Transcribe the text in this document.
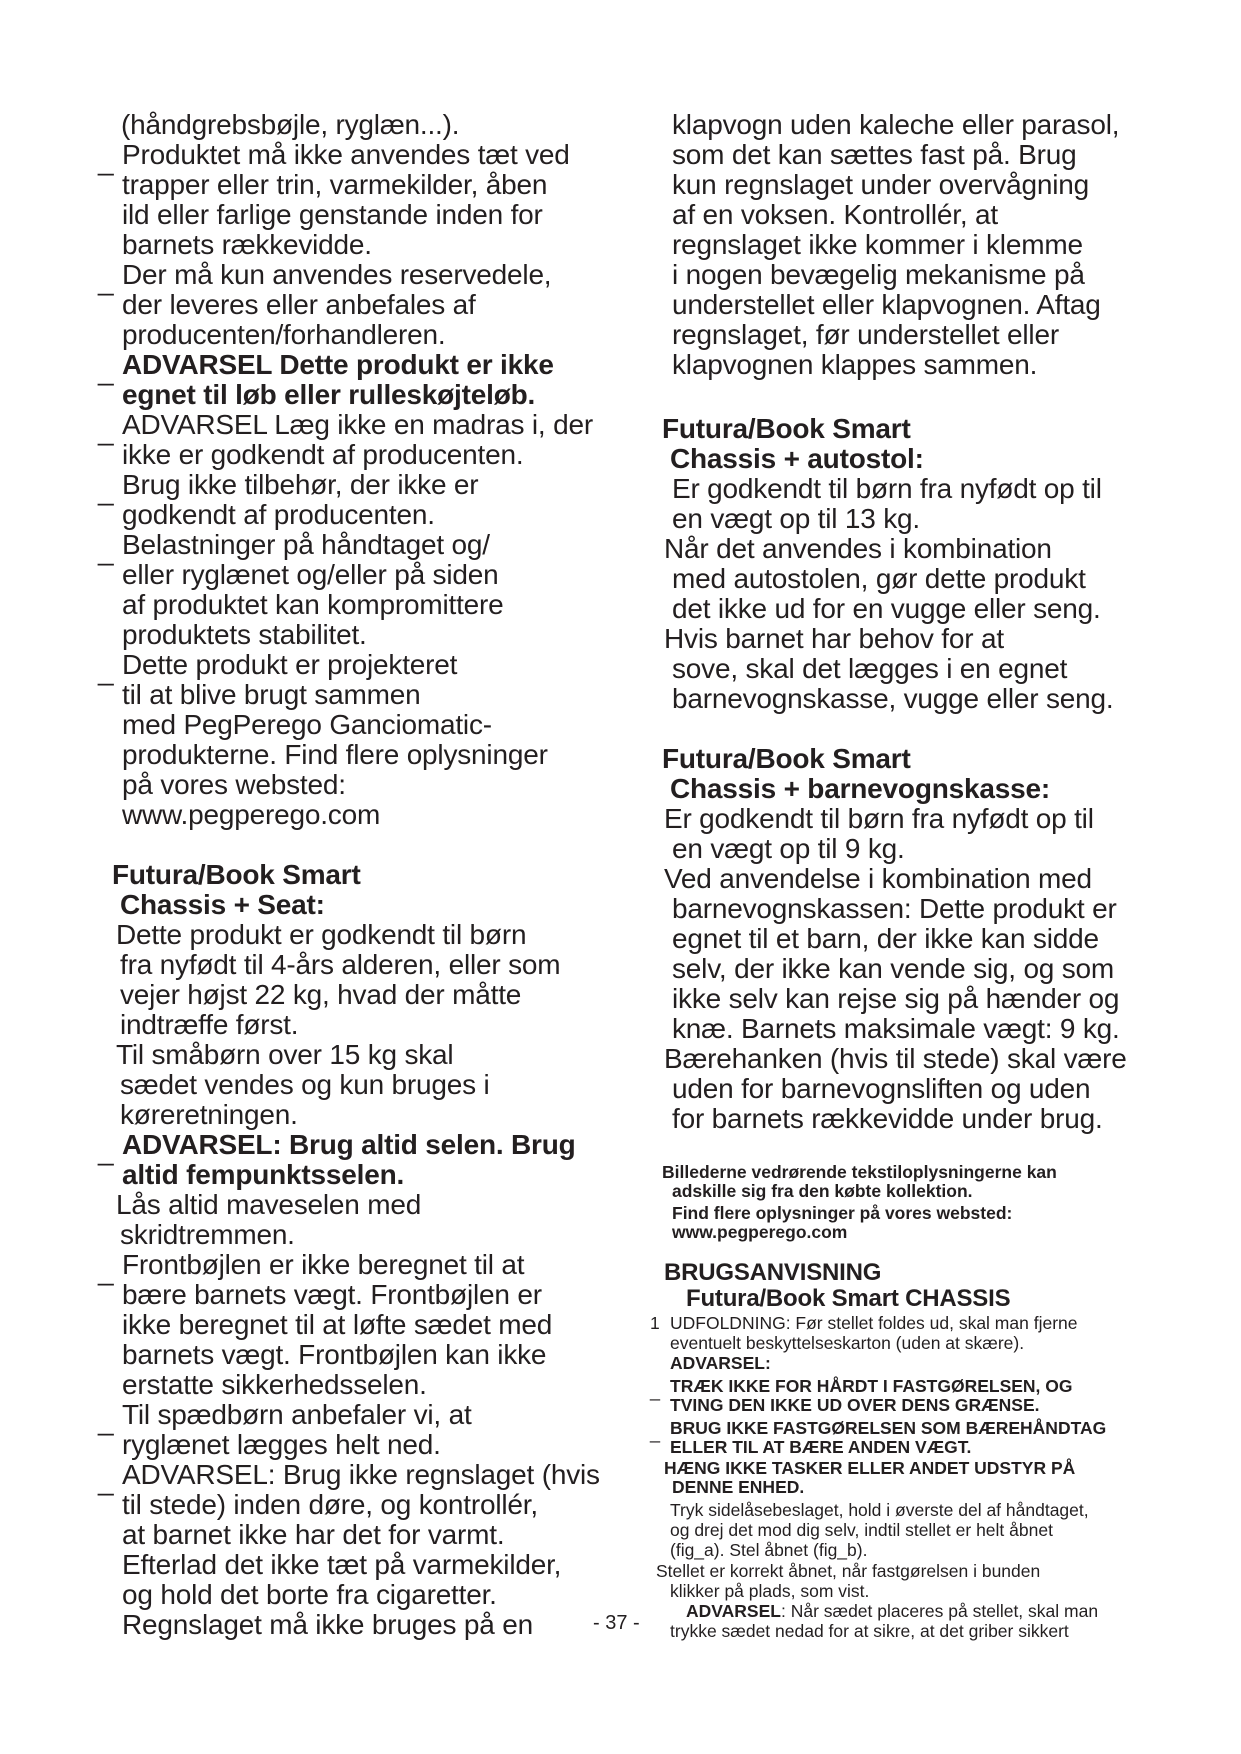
(håndgrebsbøjle, ryglæn...).
_ Produktet må ikke anvendes tæt ved
trapper eller trin, varmekilder, åben
ild eller farlige genstande inden for
barnets rækkevidde.
_ Der må kun anvendes reservedele,
der leveres eller anbefales af
producenten/forhandleren.
_ ADVARSEL Dette produkt er ikke
egnet til løb eller rulleskøjteløb.
_ ADVARSEL Læg ikke en madras i, der
ikke er godkendt af producenten.
_ Brug ikke tilbehør, der ikke er
godkendt af producenten.
_ Belastninger på håndtaget og/
eller ryglænet og/eller på siden
af produktet kan kompromittere
produktets stabilitet.
_ Dette produkt er projekteret
til at blive brugt sammen
med PegPerego Ganciomatic-
produkterne. Find flere oplysninger
på vores websted:
www.pegperego.com
Futura/Book Smart
Chassis + Seat:
Dette produkt er godkendt til børn
fra nyfødt til 4-års alderen, eller som
vejer højst 22 kg, hvad der måtte
indtræffe først.
Til småbørn over 15 kg skal
sædet vendes og kun bruges i
køreretningen.
_ ADVARSEL: Brug altid selen. Brug
altid fempunktsselen.
Lås altid maveselen med
skridtremmen.
_ Frontbøjlen er ikke beregnet til at
bære barnets vægt. Frontbøjlen er
ikke beregnet til at løfte sædet med
barnets vægt. Frontbøjlen kan ikke
erstatte sikkerhedsselen.
_ Til spædbørn anbefaler vi, at
ryglænet lægges helt ned.
_ ADVARSEL: Brug ikke regnslaget (hvis
til stede) inden døre, og kontrollér,
at barnet ikke har det for varmt.
Efterlad det ikke tæt på varmekilder,
og hold det borte fra cigaretter.
Regnslaget må ikke bruges på en
klapvogn uden kaleche eller parasol,
som det kan sættes fast på. Brug
kun regnslaget under overvågning
af en voksen. Kontrollér, at
regnslaget ikke kommer i klemme
i nogen bevægelig mekanisme på
understellet eller klapvognen. Aftag
regnslaget, før understellet eller
klapvognen klappes sammen.
Futura/Book Smart
Chassis + autostol:
Er godkendt til børn fra nyfødt op til
en vægt op til 13 kg.
Når det anvendes i kombination
med autostolen, gør dette produkt
det ikke ud for en vugge eller seng.
Hvis barnet har behov for at
sove, skal det lægges i en egnet
barnevognskasse, vugge eller seng.
Futura/Book Smart
Chassis + barnevognskasse:
Er godkendt til børn fra nyfødt op til
en vægt op til 9 kg.
Ved anvendelse i kombination med
barnevognskassen: Dette produkt er
egnet til et barn, der ikke kan sidde
selv, der ikke kan vende sig, og som
ikke selv kan rejse sig på hænder og
knæ. Barnets maksimale vægt: 9 kg.
Bærehanken (hvis til stede) skal være
uden for barnevognsliften og uden
for barnets rækkevidde under brug.
Billederne vedrørende tekstiloplysningerne kan
adskille sig fra den købte kollektion.
Find flere oplysninger på vores websted:
www.pegperego.com
BRUGSANVISNING
Futura/Book Smart CHASSIS
1 UDFOLDNING: Før stellet foldes ud, skal man fjerne
eventuelt beskyttelseskarton (uden at skære).
ADVARSEL:
_ TRÆK IKKE FOR HÅRDT I FASTGØRELSEN, OG
TVING DEN IKKE UD OVER DENS GRÆNSE.
_ BRUG IKKE FASTGØRELSEN SOM BÆREHÅNDTAG
ELLER TIL AT BÆRE ANDEN VÆGT.
HÆNG IKKE TASKER ELLER ANDET UDSTYR PÅ
DENNE ENHED.
Tryk sidelåsebeslaget, hold i øverste del af håndtaget,
og drej det mod dig selv, indtil stellet er helt åbnet
(fig_a). Stel åbnet (fig_b).
Stellet er korrekt åbnet, når fastgørelsen i bunden
klikker på plads, som vist.
ADVARSEL: Når sædet placeres på stellet, skal man
trykke sædet nedad for at sikre, at det griber sikkert
- 37 -
